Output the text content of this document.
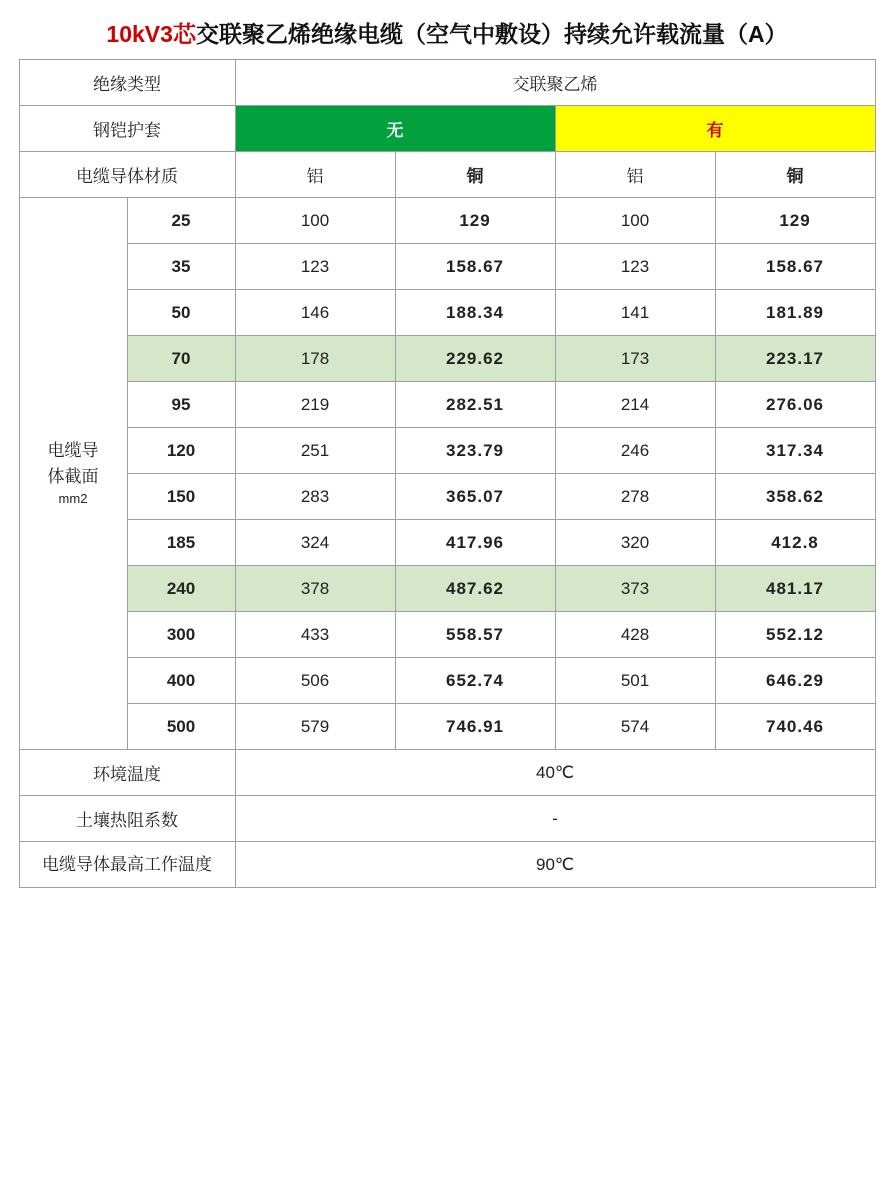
10kV3芯交联聚乙烯绝缘电缆（空气中敷设）持续允许载流量（A）
绝缘类型		交联聚乙烯			
钢铠护套		无		有	
电缆导体材质		铝	铜	铝	铜

电缆导
体截面
mm2	25	100	129	100	129
	35	123	158.67	123	158.67
	50	146	188.34	141	181.89
	70	178	229.62	173	223.17
	95	219	282.51	214	276.06
	120	251	323.79	246	317.34
	150	283	365.07	278	358.62
	185	324	417.96	320	412.8
	240	378	487.62	373	481.17
	300	433	558.57	428	552.12
	400	506	652.74	501	646.29
	500	579	746.91	574	740.46
环境温度		40℃			
土壤热阻系数		-			
电缆导体最高工作温度		90℃			
